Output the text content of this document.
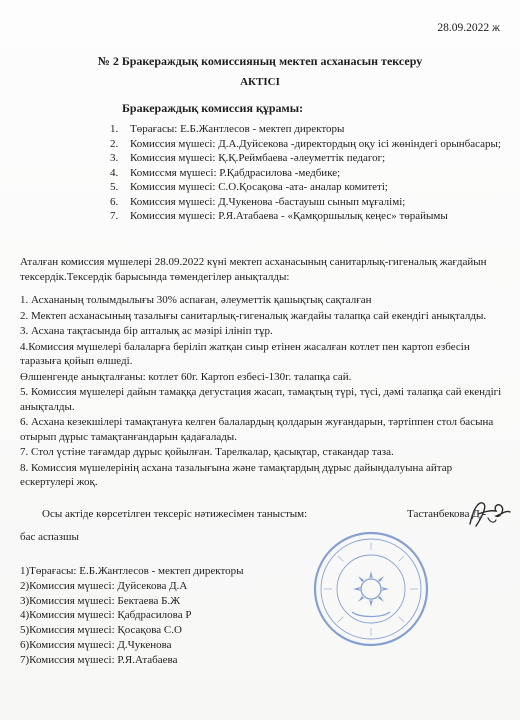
28.09.2022 ж
№ 2 Бракераждық комиссияның мектеп асханасын тексеру
АКТІСІ
Бракераждық комиссия құрамы:
1. Төрағасы: Е.Б.Жантлесов - мектеп директоры
2. Комиссия мүшесі: Д.А.Дуйсекова -директордың оқу ісі жөніндегі орынбасары;
3. Комиссия мүшесі: Қ.Қ.Реймбаева -әлеуметтік педагог;
4. Комиссмя мүшесі: Р.Қабдрасилова -медбике;
5. Комиссия мүшесі: С.О.Қосақова -ата- аналар комитеті;
6. Комиссия мүшесі: Д.Чукенова -бастауыш сынып мұғалімі;
7. Комиссия мүшесі: Р.Я.Атабаева - «Қамқоршылық кеңес» төрайымы
Аталған комиссия мүшелері 28.09.2022 күні мектеп асханасының санитарлық-гигеналық жағдайын тексердік.Тексердік барысында төмендегілер анықталды:

1. Асхананың толымдылығы 30% аспаған, әлеуметтік қашықтық сақталған

2. Мектеп асханасының тазалығы санитарлық-гигеналық жағдайы талапқа сай екендігі анықталды.

3. Асхана тақтасында бір апталық ас мәзірі ілініп тұр.

4.Комиссия мүшелері балаларға беріліп жатқан сиыр етінен жасалған котлет пен картоп езбесін таразыға қойып өлшеді.

Өлшенгенде анықталғаны: котлет 60г. Картоп езбесі-130г. талапқа сай.

5. Комиссия мүшелері дайын тамаққа дегустация жасап, тамақтың түрі, түсі, дәмі талапқа сай екендігі анықталды.

6. Асхана кезекшілері тамақтануға келген балалардың қолдарын жуғандарын, тәртіппен стол басына отырып дұрыс тамақтанғандарын қадағалады.

7. Стол үстіне тағамдар дұрыс қойылған. Тарелкалар, қасықтар, стакандар таза.

8. Комиссия мүшелерінің асхана тазалығына және тамақтардың дұрыс дайындалуына айтар ескертулері жоқ.

Осы актіде көрсетілген тексеріс нәтижесімен таныстым:	Тастанбекова Д.-
бас аспазшы
1)Төрағасы: Е.Б.Жантлесов - мектеп директоры
2)Комиссия мүшесі: Дуйсекова Д.А
3)Комиссия мүшесі: Бектаева Б.Ж
4)Комиссия мүшесі: Қабдрасилова Р
5)Комиссия мүшесі: Қосақова С.О
6)Комиссия мүшесі: Д.Чукенова
7)Комиссия мүшесі: Р.Я.Атабаева
